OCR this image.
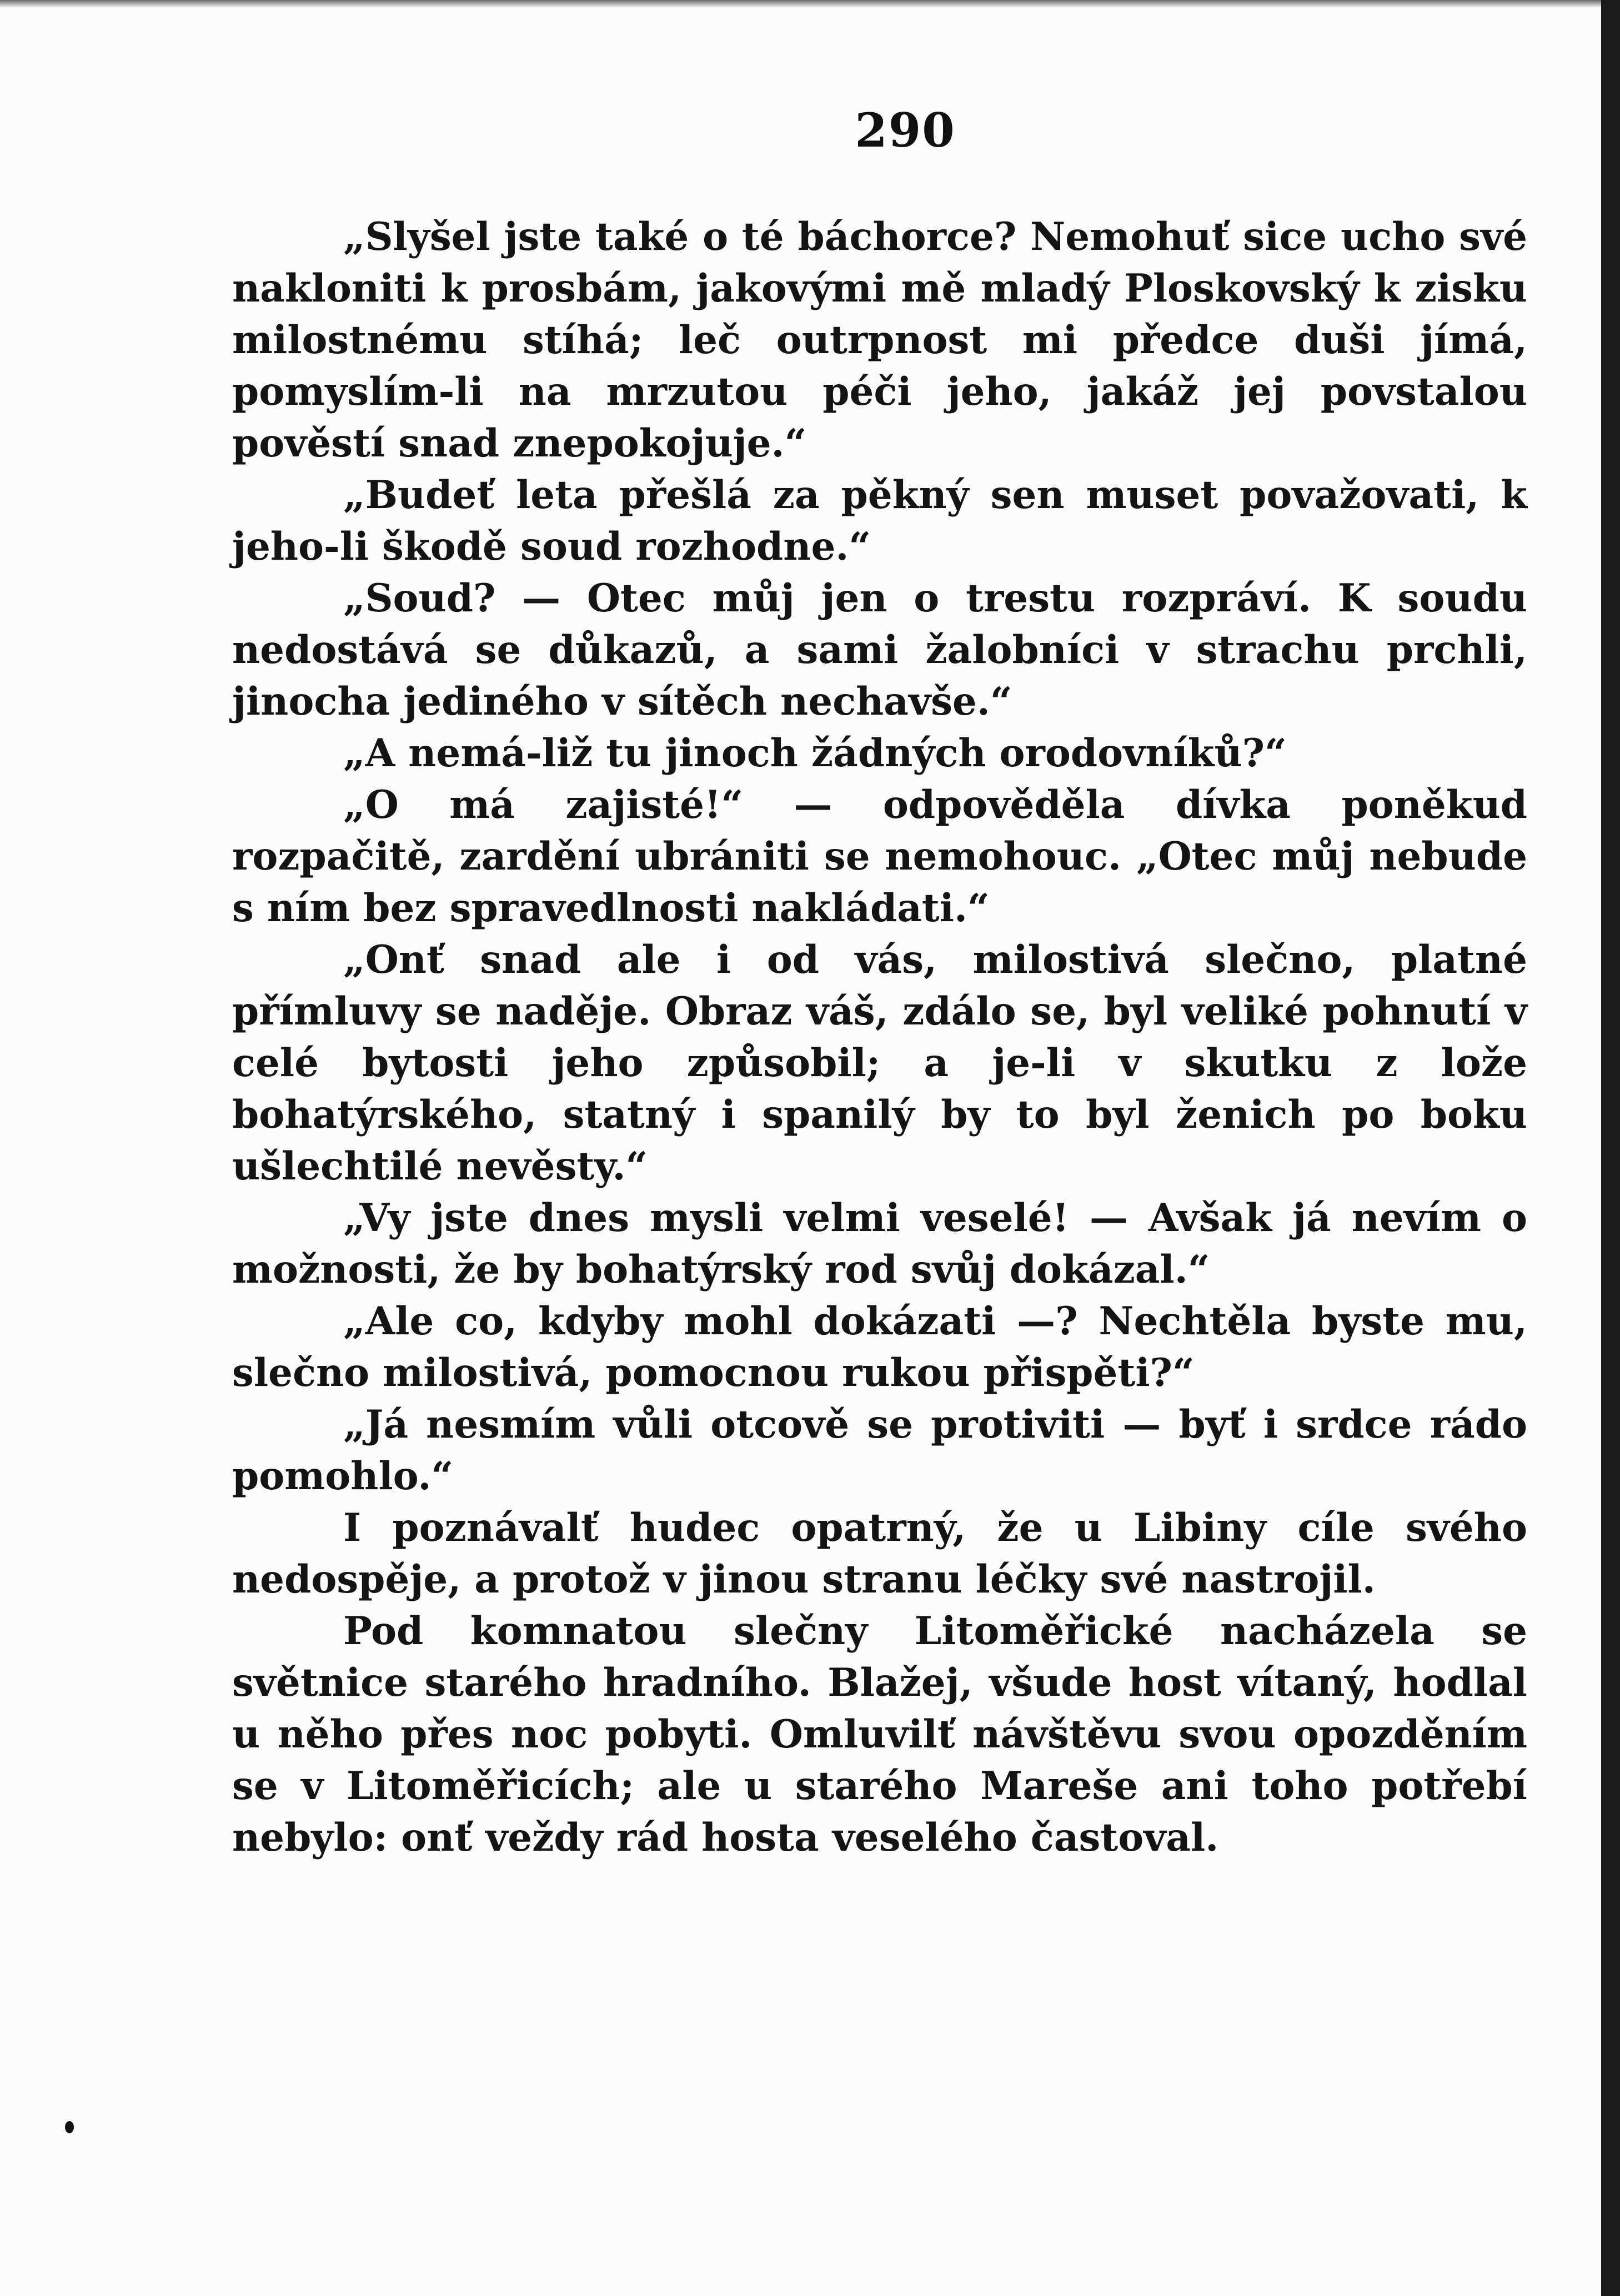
290

„Slyšel jste také o té báchorce? Nemohuť sice ucho své nakloniti k prosbám, jakovými mě mladý Ploskovský k zisku milostnému stíhá; leč outrpnost mi předce duši jímá, pomyslím-li na mrzutou péči jeho, jakáž jej povstalou pověstí snad znepokojuje.“

„Budeť leta přešlá za pěkný sen muset považovati, k jeho-li škodě soud rozhodne.“

„Soud? — Otec můj jen o trestu rozpráví. K soudu nedostává se důkazů, a sami žalobníci v strachu prchli, jinocha jediného v sítěch nechavše.“

„A nemá-liž tu jinoch žádných orodovníků?“

„O má zajisté!“ — odpověděla dívka poněkud rozpačitě, zardění ubrániti se nemohouc. „Otec můj nebude s ním bez spravedlnosti nakládati.“

„Onť snad ale i od vás, milostivá slečno, platné přímluvy se naděje. Obraz váš, zdálo se, byl veliké pohnutí v celé bytosti jeho způsobil; a je-li v skutku z lože bohatýrského, statný i spanilý by to byl ženich po boku ušlechtilé nevěsty.“

„Vy jste dnes mysli velmi veselé! — Avšak já nevím o možnosti, že by bohatýrský rod svůj dokázal.“

„Ale co, kdyby mohl dokázati —? Nechtěla byste mu, slečno milostivá, pomocnou rukou přispěti?“

„Já nesmím vůli otcově se protiviti — byť i srdce rádo pomohlo.“

I poznávalť hudec opatrný, že u Libiny cíle svého nedospěje, a protož v jinou stranu léčky své nastrojil.

Pod komnatou slečny Litoměřické nacházela se světnice starého hradního. Blažej, všude host vítaný, hodlal u něho přes noc pobyti. Omluvilť návštěvu svou opozděním se v Litoměřicích; ale u starého Mareše ani toho potřebí nebylo: onť veždy rád hosta veselého častoval.
